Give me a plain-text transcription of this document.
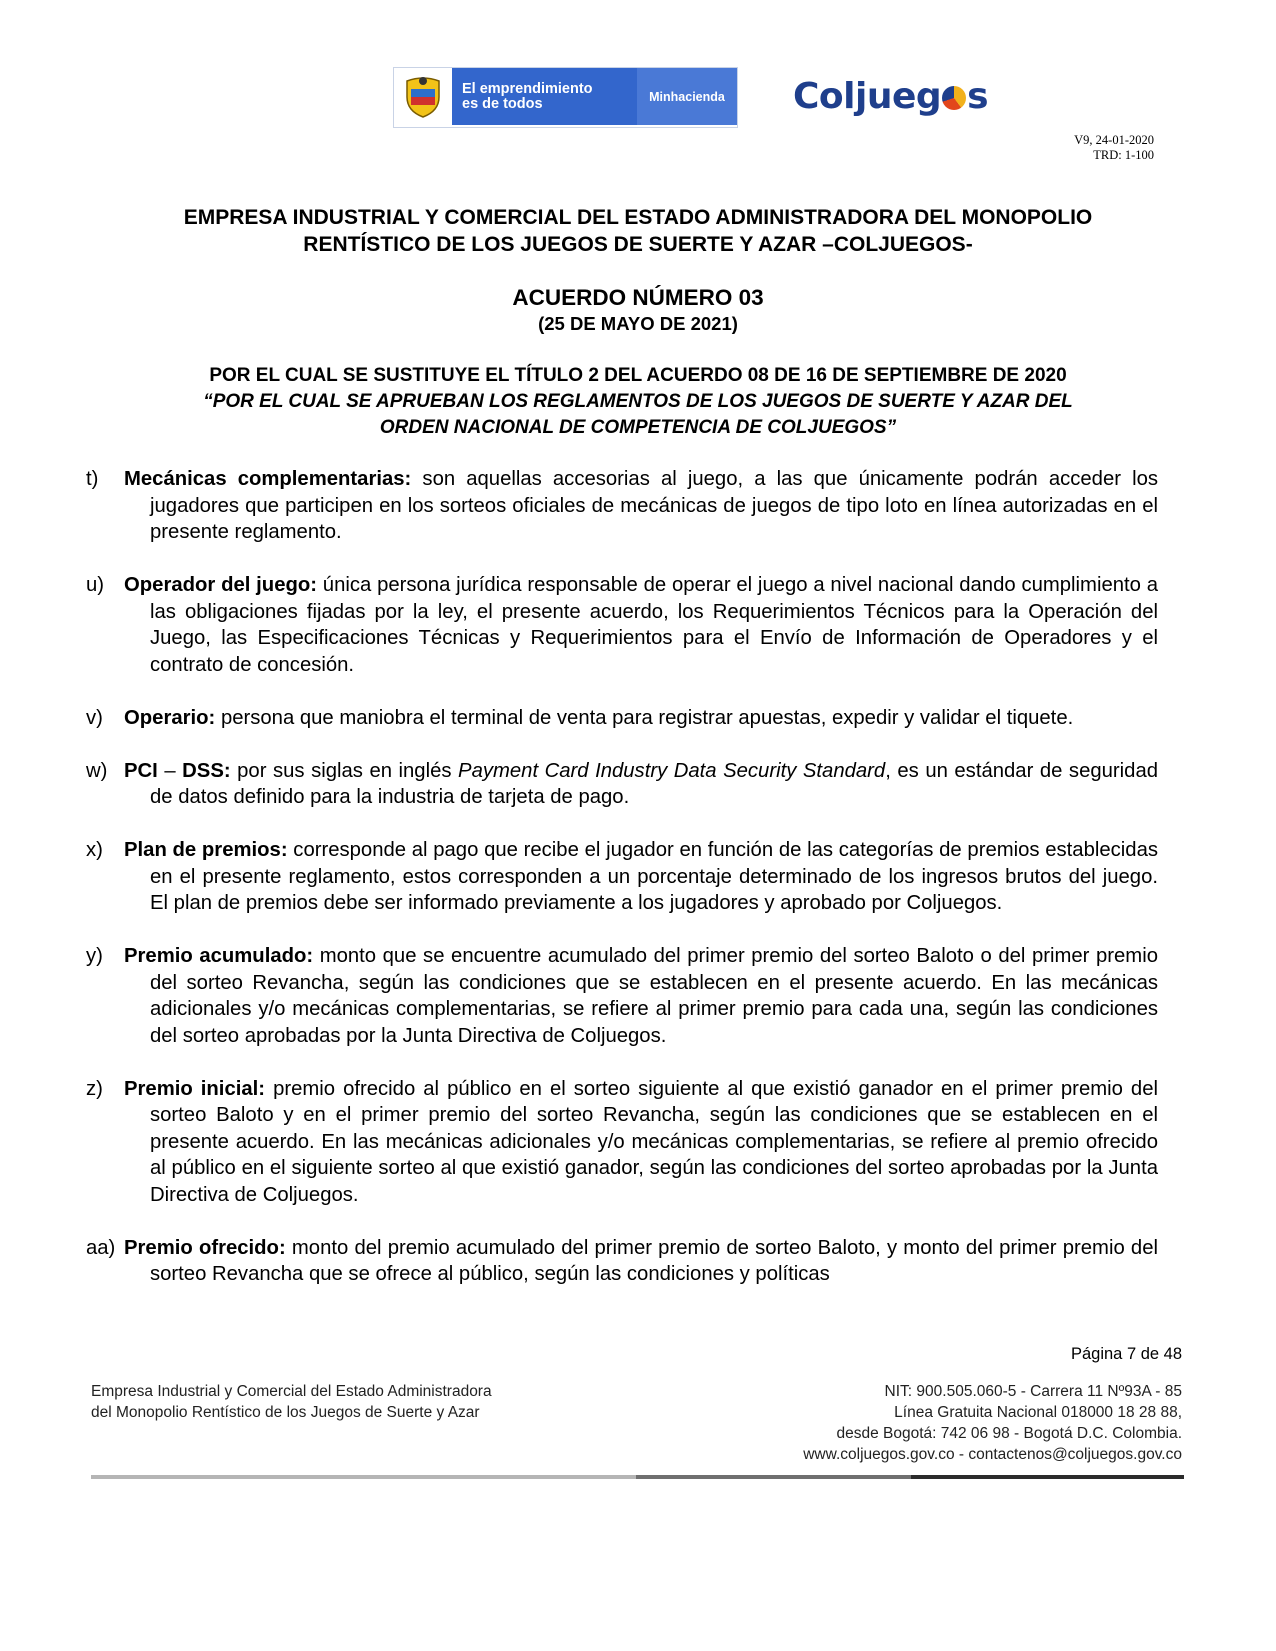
El emprendimiento
es de todos	Minhacienda	Coljueg s
V9, 24-01-2020
TRD: 1-100
EMPRESA INDUSTRIAL Y COMERCIAL DEL ESTADO ADMINISTRADORA DEL MONOPOLIO
RENTÍSTICO DE LOS JUEGOS DE SUERTE Y AZAR –COLJUEGOS-
ACUERDO NÚMERO 03
(25 DE MAYO DE 2021)
POR EL CUAL SE SUSTITUYE EL TÍTULO 2 DEL ACUERDO 08 DE 16 DE SEPTIEMBRE DE 2020
“POR EL CUAL SE APRUEBAN LOS REGLAMENTOS DE LOS JUEGOS DE SUERTE Y AZAR DEL
ORDEN NACIONAL DE COMPETENCIA DE COLJUEGOS”

t) Mecánicas complementarias: son aquellas accesorias al juego, a las que únicamente podrán acceder los jugadores que participen en los sorteos oficiales de mecánicas de juegos de tipo loto en línea autorizadas en el presente reglamento.

u) Operador del juego: única persona jurídica responsable de operar el juego a nivel nacional dando cumplimiento a las obligaciones fijadas por la ley, el presente acuerdo, los Requerimientos Técnicos para la Operación del Juego, las Especificaciones Técnicas y Requerimientos para el Envío de Información de Operadores y el contrato de concesión.

v) Operario: persona que maniobra el terminal de venta para registrar apuestas, expedir y validar el tiquete.

w) PCI – DSS: por sus siglas en inglés Payment Card Industry Data Security Standard, es un estándar de seguridad de datos definido para la industria de tarjeta de pago.

x) Plan de premios: corresponde al pago que recibe el jugador en función de las categorías de premios establecidas en el presente reglamento, estos corresponden a un porcentaje determinado de los ingresos brutos del juego. El plan de premios debe ser informado previamente a los jugadores y aprobado por Coljuegos.

y) Premio acumulado: monto que se encuentre acumulado del primer premio del sorteo Baloto o del primer premio del sorteo Revancha, según las condiciones que se establecen en el presente acuerdo. En las mecánicas adicionales y/o mecánicas complementarias, se refiere al primer premio para cada una, según las condiciones del sorteo aprobadas por la Junta Directiva de Coljuegos.

z) Premio inicial: premio ofrecido al público en el sorteo siguiente al que existió ganador en el primer premio del sorteo Baloto y en el primer premio del sorteo Revancha, según las condiciones que se establecen en el presente acuerdo. En las mecánicas adicionales y/o mecánicas complementarias, se refiere al premio ofrecido al público en el siguiente sorteo al que existió ganador, según las condiciones del sorteo aprobadas por la Junta Directiva de Coljuegos.

aa) Premio ofrecido: monto del premio acumulado del primer premio de sorteo Baloto, y monto del primer premio del sorteo Revancha que se ofrece al público, según las condiciones y políticas

Página 7 de 48
Empresa Industrial y Comercial del Estado Administradora
del Monopolio Rentístico de los Juegos de Suerte y Azar
NIT: 900.505.060-5 - Carrera 11 Nº93A - 85
Línea Gratuita Nacional 018000 18 28 88,
desde Bogotá: 742 06 98 - Bogotá D.C. Colombia.
www.coljuegos.gov.co - contactenos@coljuegos.gov.co
